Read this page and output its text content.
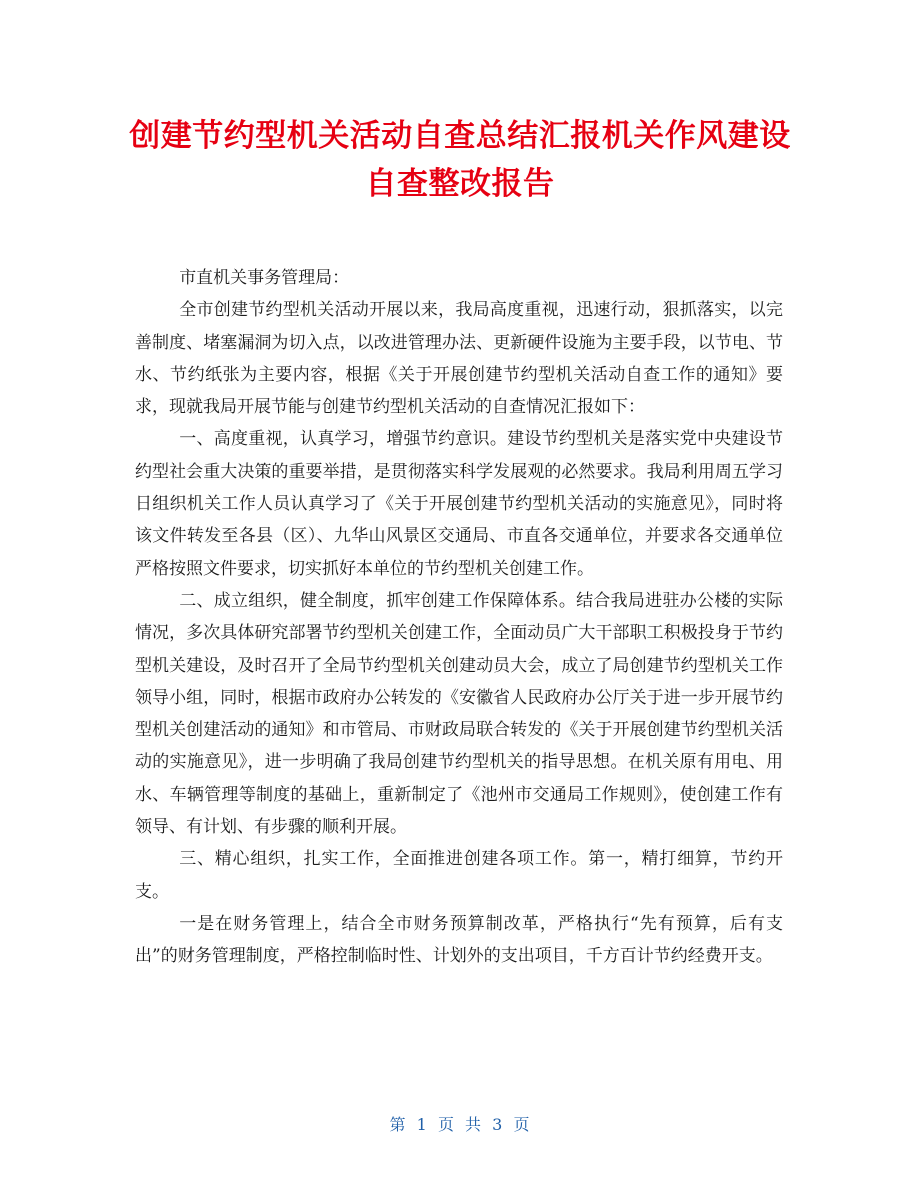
创建节约型机关活动自查总结汇报机关作风建设自查整改报告

市直机关事务管理局：

全市创建节约型机关活动开展以来，我局高度重视，迅速行动，狠抓落实，以完善制度、堵塞漏洞为切入点，以改进管理办法、更新硬件设施为主要手段，以节电、节水、节约纸张为主要内容，根据《关于开展创建节约型机关活动自查工作的通知》要求，现就我局开展节能与创建节约型机关活动的自查情况汇报如下：

一、高度重视，认真学习，增强节约意识。建设节约型机关是落实党中央建设节约型社会重大决策的重要举措，是贯彻落实科学发展观的必然要求。我局利用周五学习日组织机关工作人员认真学习了《关于开展创建节约型机关活动的实施意见》，同时将该文件转发至各县（区）、九华山风景区交通局、市直各交通单位，并要求各交通单位严格按照文件要求，切实抓好本单位的节约型机关创建工作。

二、成立组织，健全制度，抓牢创建工作保障体系。结合我局进驻办公楼的实际情况，多次具体研究部署节约型机关创建工作，全面动员广大干部职工积极投身于节约型机关建设，及时召开了全局节约型机关创建动员大会，成立了局创建节约型机关工作领导小组，同时，根据市政府办公转发的《安徽省人民政府办公厅关于进一步开展节约型机关创建活动的通知》和市管局、市财政局联合转发的《关于开展创建节约型机关活动的实施意见》，进一步明确了我局创建节约型机关的指导思想。在机关原有用电、用水、车辆管理等制度的基础上，重新制定了《池州市交通局工作规则》，使创建工作有领导、有计划、有步骤的顺利开展。

三、精心组织，扎实工作，全面推进创建各项工作。第一，精打细算，节约开支。

一是在财务管理上，结合全市财务预算制改革，严格执行“先有预算，后有支出”的财务管理制度，严格控制临时性、计划外的支出项目，千方百计节约经费开支。

第 1 页 共 3 页
